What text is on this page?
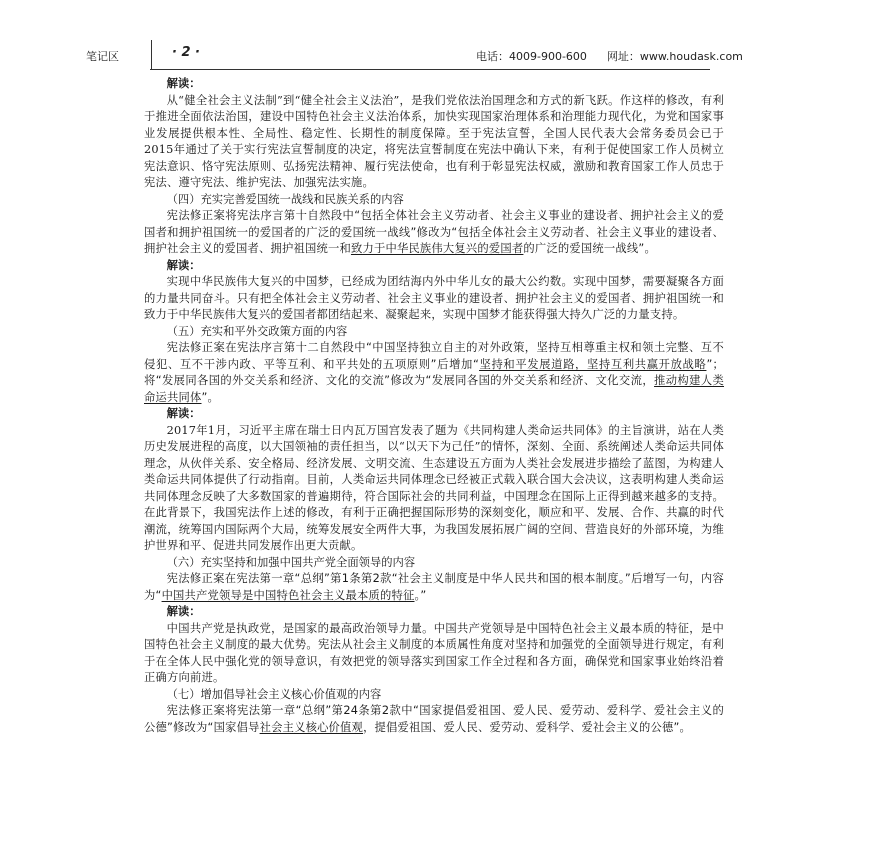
笔记区	· 2 ·	电话：4009-900-600 网址：www.houdask.com

解读：

从“健全社会主义法制”到“健全社会主义法治”，是我们党依法治国理念和方式的新飞跃。作这样的修改，有利于推进全面依法治国，建设中国特色社会主义法治体系，加快实现国家治理体系和治理能力现代化，为党和国家事业发展提供根本性、全局性、稳定性、长期性的制度保障。至于宪法宣誓，全国人民代表大会常务委员会已于2015年通过了关于实行宪法宣誓制度的决定，将宪法宣誓制度在宪法中确认下来，有利于促使国家工作人员树立宪法意识、恪守宪法原则、弘扬宪法精神、履行宪法使命，也有利于彰显宪法权威，激励和教育国家工作人员忠于宪法、遵守宪法、维护宪法、加强宪法实施。

（四）充实完善爱国统一战线和民族关系的内容

宪法修正案将宪法序言第十自然段中“包括全体社会主义劳动者、社会主义事业的建设者、拥护社会主义的爱国者和拥护祖国统一的爱国者的广泛的爱国统一战线”修改为“包括全体社会主义劳动者、社会主义事业的建设者、拥护社会主义的爱国者、拥护祖国统一和致力于中华民族伟大复兴的爱国者的广泛的爱国统一战线”。

解读：

实现中华民族伟大复兴的中国梦，已经成为团结海内外中华儿女的最大公约数。实现中国梦，需要凝聚各方面的力量共同奋斗。只有把全体社会主义劳动者、社会主义事业的建设者、拥护社会主义的爱国者、拥护祖国统一和致力于中华民族伟大复兴的爱国者都团结起来、凝聚起来，实现中国梦才能获得强大持久广泛的力量支持。

（五）充实和平外交政策方面的内容

宪法修正案在宪法序言第十二自然段中“中国坚持独立自主的对外政策，坚持互相尊重主权和领土完整、互不侵犯、互不干涉内政、平等互利、和平共处的五项原则”后增加“坚持和平发展道路，坚持互利共赢开放战略”；将“发展同各国的外交关系和经济、文化的交流”修改为“发展同各国的外交关系和经济、文化交流，推动构建人类命运共同体”。

解读：

2017年1月，习近平主席在瑞士日内瓦万国宫发表了题为《共同构建人类命运共同体》的主旨演讲，站在人类历史发展进程的高度，以大国领袖的责任担当，以“以天下为己任”的情怀，深刻、全面、系统阐述人类命运共同体理念，从伙伴关系、安全格局、经济发展、文明交流、生态建设五方面为人类社会发展进步描绘了蓝图，为构建人类命运共同体提供了行动指南。目前，人类命运共同体理念已经被正式载入联合国大会决议，这表明构建人类命运共同体理念反映了大多数国家的普遍期待，符合国际社会的共同利益，中国理念在国际上正得到越来越多的支持。在此背景下，我国宪法作上述的修改，有利于正确把握国际形势的深刻变化，顺应和平、发展、合作、共赢的时代潮流，统筹国内国际两个大局，统筹发展安全两件大事，为我国发展拓展广阔的空间、营造良好的外部环境，为维护世界和平、促进共同发展作出更大贡献。

（六）充实坚持和加强中国共产党全面领导的内容

宪法修正案在宪法第一章“总纲”第1条第2款“社会主义制度是中华人民共和国的根本制度。”后增写一句，内容为“中国共产党领导是中国特色社会主义最本质的特征。”

解读：

中国共产党是执政党，是国家的最高政治领导力量。中国共产党领导是中国特色社会主义最本质的特征，是中国特色社会主义制度的最大优势。宪法从社会主义制度的本质属性角度对坚持和加强党的全面领导进行规定，有利于在全体人民中强化党的领导意识，有效把党的领导落实到国家工作全过程和各方面，确保党和国家事业始终沿着正确方向前进。

（七）增加倡导社会主义核心价值观的内容

宪法修正案将宪法第一章“总纲”第24条第2款中“国家提倡爱祖国、爱人民、爱劳动、爱科学、爱社会主义的公德”修改为“国家倡导社会主义核心价值观，提倡爱祖国、爱人民、爱劳动、爱科学、爱社会主义的公德”。
